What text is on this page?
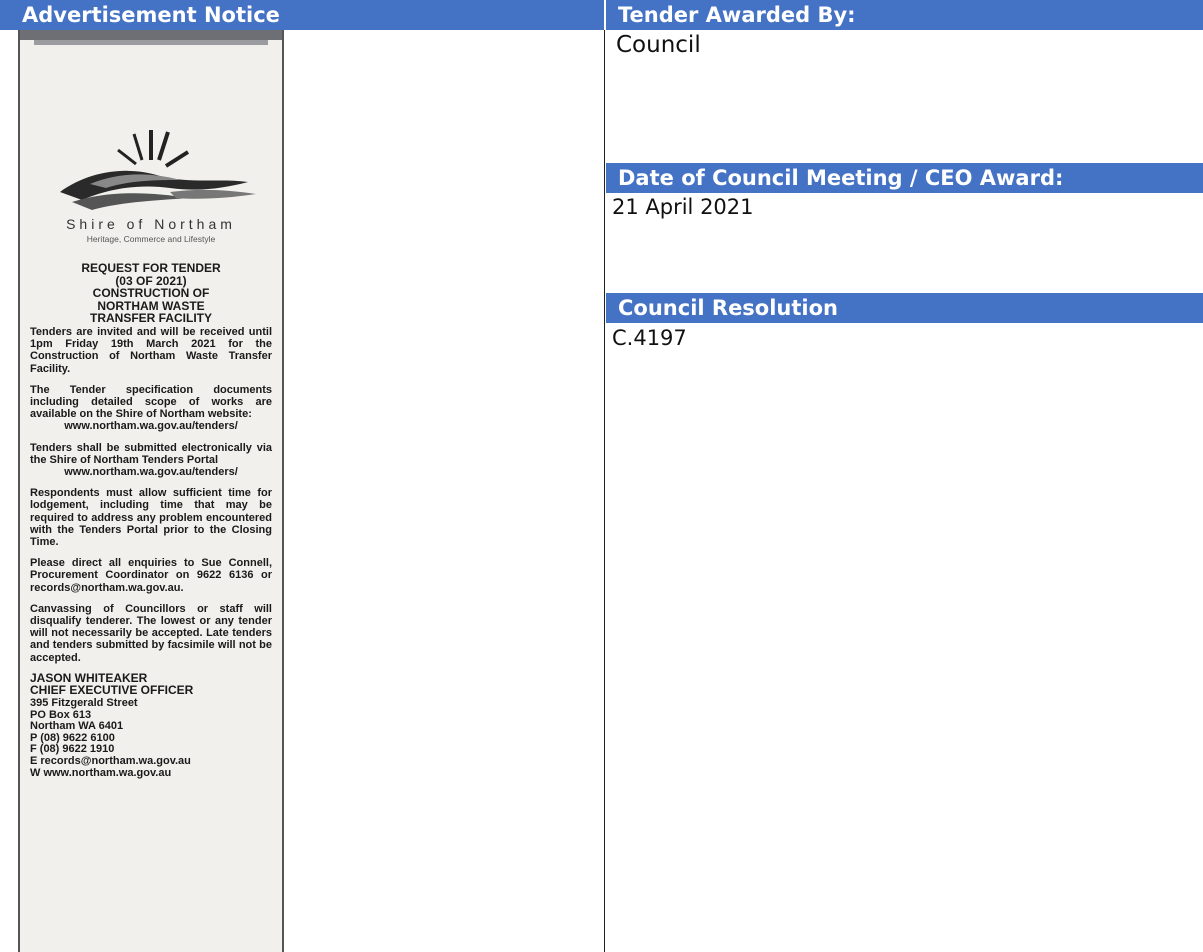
Advertisement Notice	Tender Awarded By:
Council
Date of Council Meeting / CEO Award:
21 April 2021
Council Resolution
C.4197
Shire of Northam
Heritage, Commerce and Lifestyle
REQUEST FOR TENDER
(03 OF 2021)
CONSTRUCTION OF
NORTHAM WASTE
TRANSFER FACILITY

Tenders are invited and will be received until 1pm Friday 19th March 2021 for the Construction of Northam Waste Transfer Facility.

The Tender specification documents including detailed scope of works are available on the Shire of Northam website:
www.northam.wa.gov.au/tenders/

Tenders shall be submitted electronically via the Shire of Northam Tenders Portal
www.northam.wa.gov.au/tenders/

Respondents must allow sufficient time for lodgement, including time that may be required to address any problem encountered with the Tenders Portal prior to the Closing Time.

Please direct all enquiries to Sue Connell, Procurement Coordinator on 9622 6136 or records@northam.wa.gov.au.

Canvassing of Councillors or staff will disqualify tenderer. The lowest or any tender will not necessarily be accepted. Late tenders and tenders submitted by facsimile will not be accepted.

JASON WHITEAKER
CHIEF EXECUTIVE OFFICER
395 Fitzgerald Street
PO Box 613
Northam WA 6401
P (08) 9622 6100
F (08) 9622 1910
E records@northam.wa.gov.au
W www.northam.wa.gov.au
